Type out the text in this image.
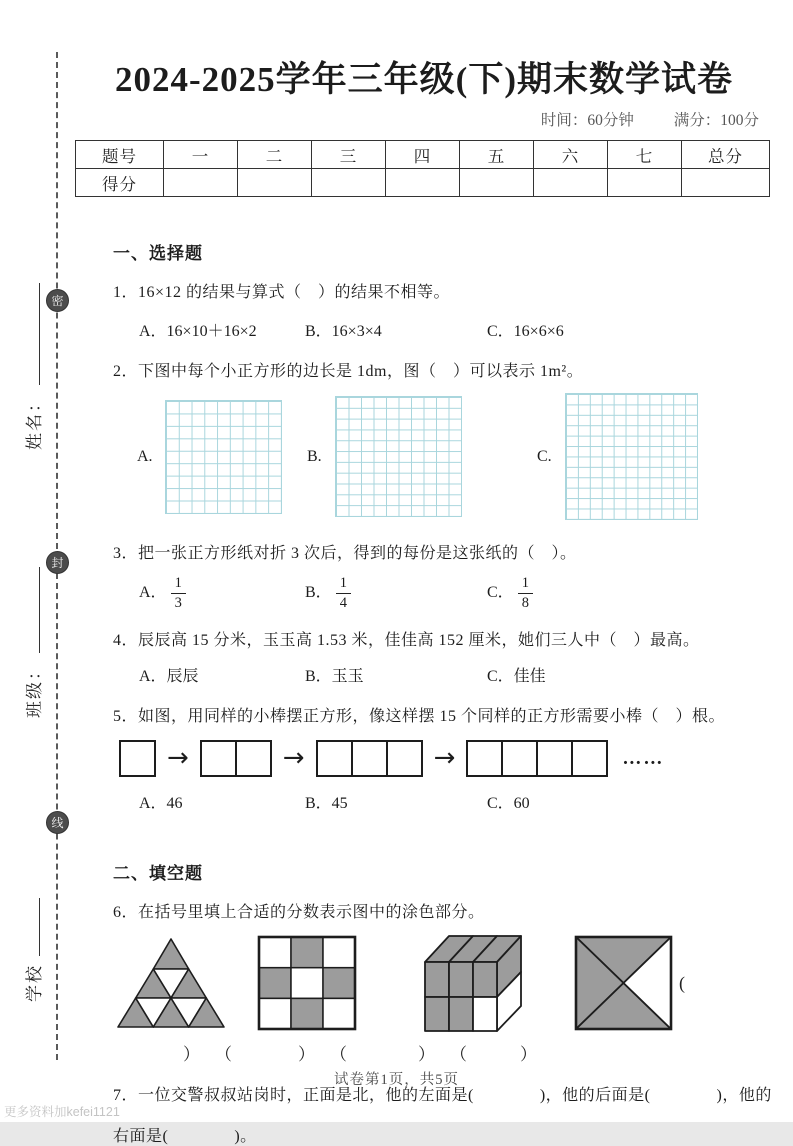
密
封
线
姓名：
班级：
学校
2024-2025学年三年级(下)期末数学试卷
时间：60分钟	满分：100分
题号	一	二	三	四	五	六	七	总分
得分								
一、选择题
1．16×12 的结果与算式（　）的结果不相等。
A．16×10＋16×2	B．16×3×4	C．16×6×6
2．下图中每个小正方形的边长是 1dm，图（　）可以表示 1m²。
A.	B.	C.
3．把一张正方形纸对折 3 次后，得到的每份是这张纸的（　）。
A． $\frac{1}{3}$	B． $\frac{1}{4}$	C． $\frac{1}{8}$
4．辰辰高 15 分米，玉玉高 1.53 米，佳佳高 152 厘米，她们三人中（　）最高。
A．辰辰	B．玉玉	C．佳佳
5．如图，用同样的小棒摆正方形，像这样摆 15 个同样的正方形需要小棒（　）根。
→	→	→	……
A．46	B．45	C．60
二、填空题
6．在括号里填上合适的分数表示图中的涂色部分。
(
） （	） （	） （	）
7．一位交警叔叔站岗时，正面是北，他的左面是(　　　　)，他的后面是(　　　　)，他的
右面是(　　　　)。
试卷第1页，共5页
更多资料加kefei1121
